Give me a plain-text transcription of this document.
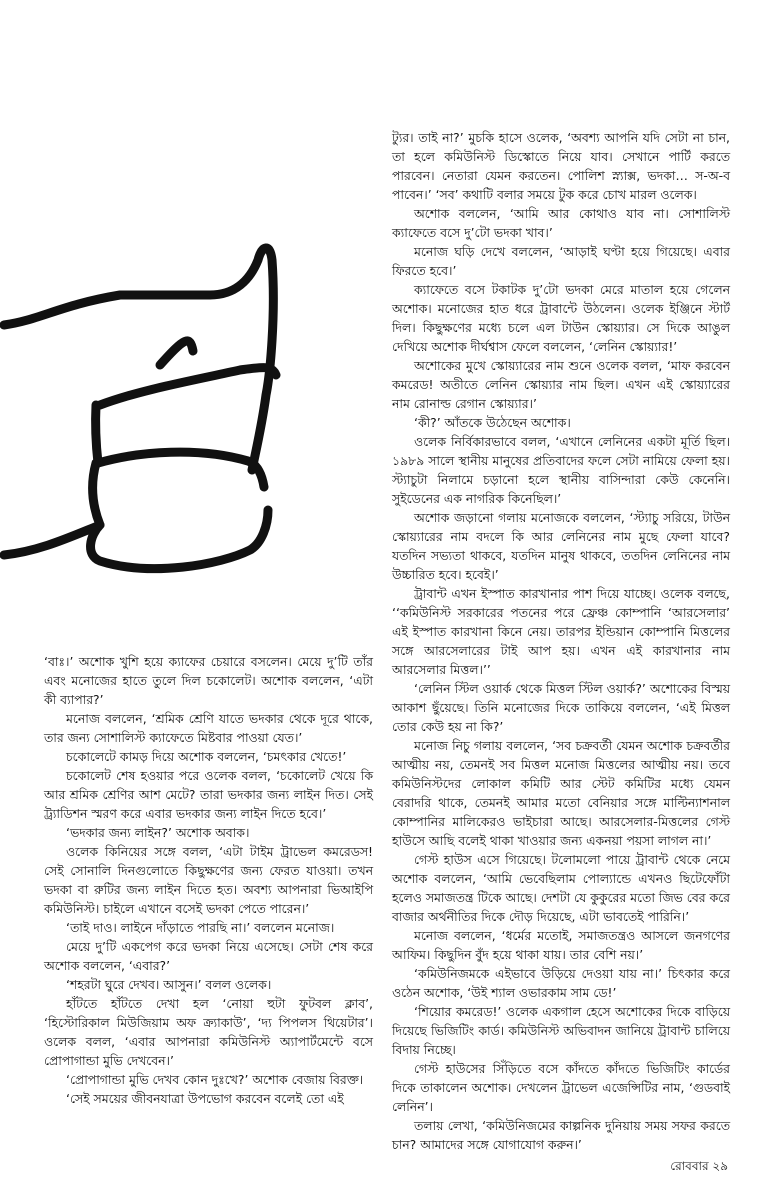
‘বাঃ।’ অশোক খুশি হয়ে ক্যাফের চেয়ারে বসলেন। মেয়ে দু’টি তাঁর এবং মনোজের হাতে তুলে দিল চকোলেট। অশোক বললেন, ‘এটা কী ব্যাপার?’

মনোজ বললেন, ‘শ্রমিক শ্রেণি যাতে ভদকার থেকে দূরে থাকে, তার জন্য সোশালিস্ট ক্যাফেতে মিষ্টবার পাওয়া যেত।’

চকোলেটে কামড় দিয়ে অশোক বললেন, ‘চমৎকার খেতে!’

চকোলেট শেষ হওয়ার পরে ওলেক বলল, ‘চকোলেট খেয়ে কি আর শ্রমিক শ্রেণির আশ মেটে? তারা ভদকার জন্য লাইন দিত। সেই ট্র্যাডিশন স্মরণ করে এবার ভদকার জন্য লাইন দিতে হবে।’

‘ভদকার জন্য লাইন?’ অশোক অবাক।

ওলেক কিনিয়ের সঙ্গে বলল, ‘এটা টাইম ট্রাভেল কমরেডস! সেই সোনালি দিনগুলোতে কিছুক্ষণের জন্য ফেরত যাওয়া। তখন ভদকা বা রুটির জন্য লাইন দিতে হত। অবশ্য আপনারা ভিআইপি কমিউনিস্ট। চাইলে এখানে বসেই ভদকা পেতে পারেন।’

‘তাই দাও। লাইনে দাঁড়াতে পারছি না।’ বললেন মনোজ।

মেয়ে দু’টি একপেগ করে ভদকা নিয়ে এসেছে। সেটা শেষ করে অশোক বললেন, ‘এবার?’

‘শহরটা ঘুরে দেখব। আসুন।’ বলল ওলেক।

হাঁটতে হাঁটতে দেখা হল ‘নোয়া হুটা ফুটবল ক্লাব’, ‘হিস্টোরিকাল মিউজিয়াম অফ ক্র্যাকাউ’, ‘দ্য পিপলস থিয়েটার’। ওলেক বলল, ‘এবার আপনারা কমিউনিস্ট অ্যাপার্টমেন্টে বসে প্রোপাগান্ডা মুভি দেখবেন।’

‘প্রোপাগান্ডা মুভি দেখব কোন দুঃখে?’ অশোক বেজায় বিরক্ত।

‘সেই সময়ের জীবনযাত্রা উপভোগ করবেন বলেই তো এই

ট্যুর। তাই না?’ মুচকি হাসে ওলেক, ‘অবশ্য আপনি যদি সেটা না চান, তা হলে কমিউনিস্ট ডিস্কোতে নিয়ে যাব। সেখানে পার্টি করতে পারবেন। নেতারা যেমন করতেন। পোলিশ স্ন্যাক্স, ভদকা… স-অ-ব পাবেন।’ ‘সব’ কথাটি বলার সময়ে টুক করে চোখ মারল ওলেক।

অশোক বললেন, ‘আমি আর কোথাও যাব না। সোশালিস্ট ক্যাফেতে বসে দু’টো ভদকা খাব।’

মনোজ ঘড়ি দেখে বললেন, ‘আড়াই ঘণ্টা হয়ে গিয়েছে। এবার ফিরতে হবে।’

ক্যাফেতে বসে টকাটক দু’টো ভদকা মেরে মাতাল হয়ে গেলেন অশোক। মনোজের হাত ধরে ট্রাবান্টে উঠলেন। ওলেক ইঞ্জিনে স্টার্ট দিল। কিছুক্ষণের মধ্যে চলে এল টাউন স্কোয়্যার। সে দিকে আঙুল দেখিয়ে অশোক দীর্ঘশ্বাস ফেলে বললেন, ‘লেনিন স্কোয়্যার!’

অশোকের মুখে স্কোয়্যারের নাম শুনে ওলেক বলল, ‘মাফ করবেন কমরেড! অতীতে লেনিন স্কোয়্যার নাম ছিল। এখন এই স্কোয়্যারের নাম রোনাল্ড রেগান স্কোয়্যার।’

‘কী?’ আঁতকে উঠেছেন অশোক।

ওলেক নির্বিকারভাবে বলল, ‘এখানে লেনিনের একটা মূর্তি ছিল। ১৯৮৯ সালে স্থানীয় মানুষের প্রতিবাদের ফলে সেটা নামিয়ে ফেলা হয়। স্ট্যাচুটা নিলামে চড়ানো হলে স্থানীয় বাসিন্দারা কেউ কেনেনি। সুইডেনের এক নাগরিক কিনেছিল।’

অশোক জড়ানো গলায় মনোজকে বললেন, ‘স্ট্যাচু সরিয়ে, টাউন স্কোয়্যারের নাম বদলে কি আর লেনিনের নাম মুছে ফেলা যাবে? যতদিন সভ্যতা থাকবে, যতদিন মানুষ থাকবে, ততদিন লেনিনের নাম উচ্চারিত হবে। হবেই।’

ট্রাবান্ট এখন ইস্পাত কারখানার পাশ দিয়ে যাচ্ছে। ওলেক বলছে, ‘‘কমিউনিস্ট সরকারের পতনের পরে ফ্রেঞ্চ কোম্পানি ‘আরসেলার’ এই ইস্পাত কারখানা কিনে নেয়। তারপর ইন্ডিয়ান কোম্পানি মিত্তলের সঙ্গে আরসেলারের টাই আপ হয়। এখন এই কারখানার নাম আরসেলার মিত্তল।’’

‘লেনিন স্টিল ওয়ার্ক থেকে মিত্তল স্টিল ওয়ার্ক?’ অশোকের বিস্ময় আকাশ ছুঁয়েছে। তিনি মনোজের দিকে তাকিয়ে বললেন, ‘এই মিত্তল তোর কেউ হয় না কি?’

মনোজ নিচু গলায় বললেন, ‘সব চক্রবর্তী যেমন অশোক চক্রবর্তীর আত্মীয় নয়, তেমনই সব মিত্তল মনোজ মিত্তলের আত্মীয় নয়। তবে কমিউনিস্টদের লোকাল কমিটি আর স্টেট কমিটির মধ্যে যেমন বেরাদরি থাকে, তেমনই আমার মতো বেনিয়ার সঙ্গে মাল্টিন্যাশনাল কোম্পানির মালিকেরও ভাইচারা আছে। আরসেলার-মিত্তলের গেস্ট হাউসে আছি বলেই থাকা খাওয়ার জন্য একনয়া পয়সা লাগল না।’

গেস্ট হাউস এসে গিয়েছে। টলোমলো পায়ে ট্রাবান্ট থেকে নেমে অশোক বললেন, ‘আমি ভেবেছিলাম পোল্যান্ডে এখনও ছিটেফোঁটা হলেও সমাজতন্ত্র টিকে আছে। দেশটা যে কুকুরের মতো জিভ বের করে বাজার অর্থনীতির দিকে দৌড় দিয়েছে, এটা ভাবতেই পারিনি।’

মনোজ বললেন, ‘ধর্মের মতোই, সমাজতন্ত্রও আসলে জনগণের আফিম। কিছুদিন বুঁদ হয়ে থাকা যায়। তার বেশি নয়।’

‘কমিউনিজমকে এইভাবে উড়িয়ে দেওয়া যায় না।’ চিৎকার করে ওঠেন অশোক, ‘উই শ্যাল ওভারকাম সাম ডে!’

‘শিয়োর কমরেড!’ ওলেক একগাল হেসে অশোকের দিকে বাড়িয়ে দিয়েছে ভিজিটিং কার্ড। কমিউনিস্ট অভিবাদন জানিয়ে ট্রাবান্ট চালিয়ে বিদায় নিচ্ছে।

গেস্ট হাউসের সিঁড়িতে বসে কাঁদতে কাঁদতে ভিজিটিং কার্ডের দিকে তাকালেন অশোক। দেখলেন ট্রাভেল এজেন্সিটির নাম, ‘গুডবাই লেনিন’।

তলায় লেখা, ‘কমিউনিজমের কাল্পনিক দুনিয়ায় সময় সফর করতে চান? আমাদের সঙ্গে যোগাযোগ করুন।’

রোববার ২৯
